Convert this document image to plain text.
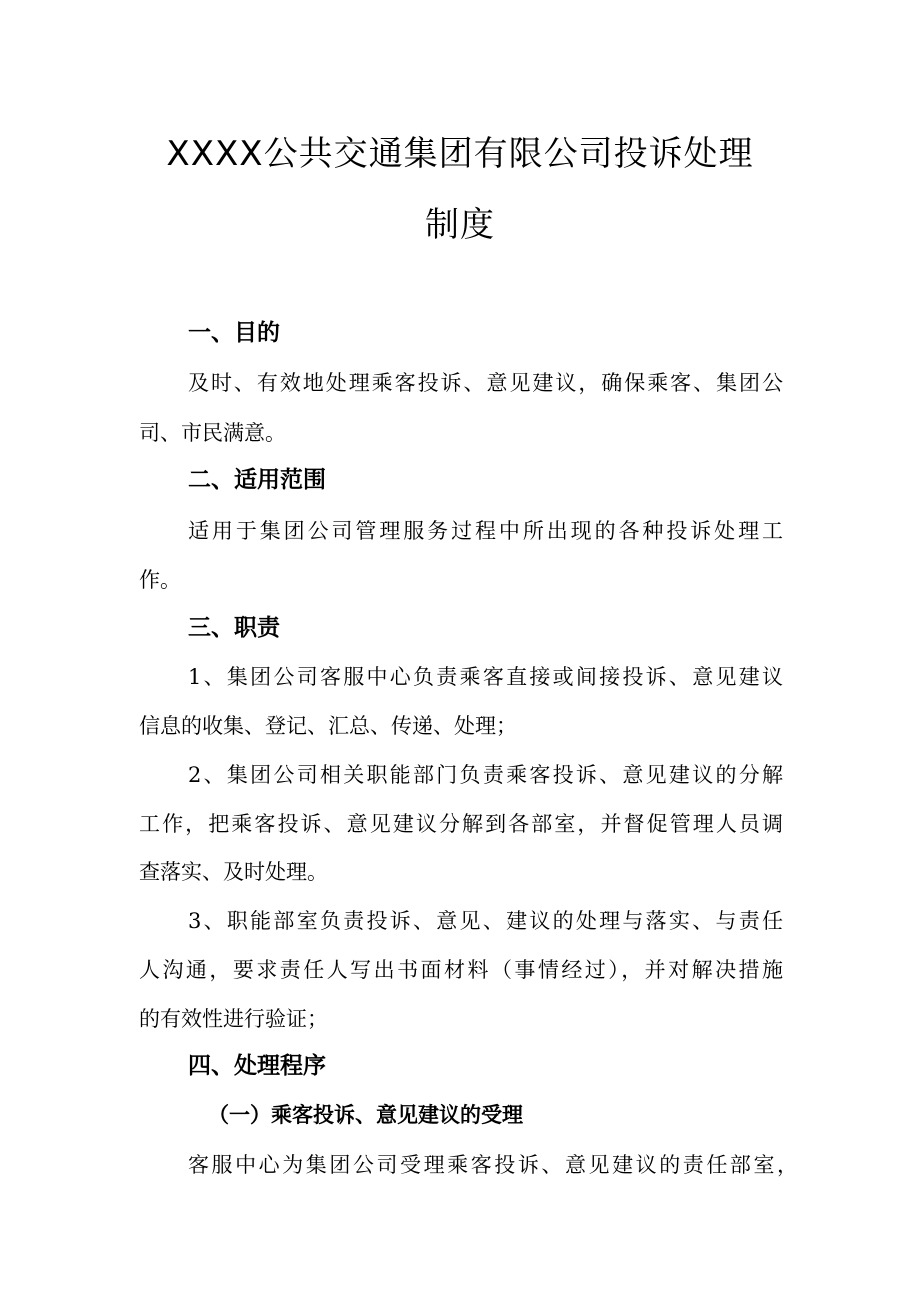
XXXX公共交通集团有限公司投诉处理
制度
一、目的
及时、有效地处理乘客投诉、意见建议，确保乘客、集团公
司、市民满意。
二、适用范围
适用于集团公司管理服务过程中所出现的各种投诉处理工
作。
三、职责
1、集团公司客服中心负责乘客直接或间接投诉、意见建议
信息的收集、登记、汇总、传递、处理；
2、集团公司相关职能部门负责乘客投诉、意见建议的分解
工作，把乘客投诉、意见建议分解到各部室，并督促管理人员调
查落实、及时处理。
3、职能部室负责投诉、意见、建议的处理与落实、与责任
人沟通，要求责任人写出书面材料（事情经过），并对解决措施
的有效性进行验证；
四、处理程序
（一）乘客投诉、意见建议的受理
客服中心为集团公司受理乘客投诉、意见建议的责任部室，
